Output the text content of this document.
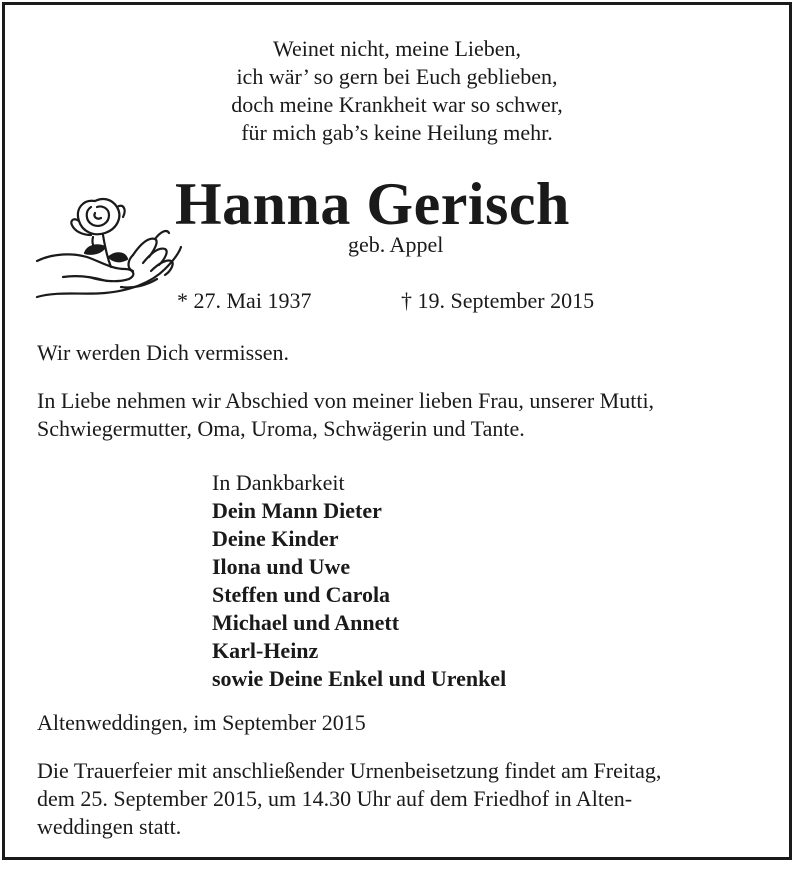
Weinet nicht, meine Lieben,
ich wär’ so gern bei Euch geblieben,
doch meine Krankheit war so schwer,
für mich gab’s keine Heilung mehr.
Hanna Gerisch
geb. Appel
* 27. Mai 1937	† 19. September 2015
Wir werden Dich vermissen.
In Liebe nehmen wir Abschied von meiner lieben Frau, unserer Mutti,
Schwiegermutter, Oma, Uroma, Schwägerin und Tante.
In Dankbarkeit
Dein Mann Dieter
Deine Kinder
Ilona und Uwe
Steffen und Carola
Michael und Annett
Karl-Heinz
sowie Deine Enkel und Urenkel
Altenweddingen, im September 2015
Die Trauerfeier mit anschließender Urnenbeisetzung findet am Freitag,
dem 25. September 2015, um 14.30 Uhr auf dem Friedhof in Alten-
weddingen statt.
